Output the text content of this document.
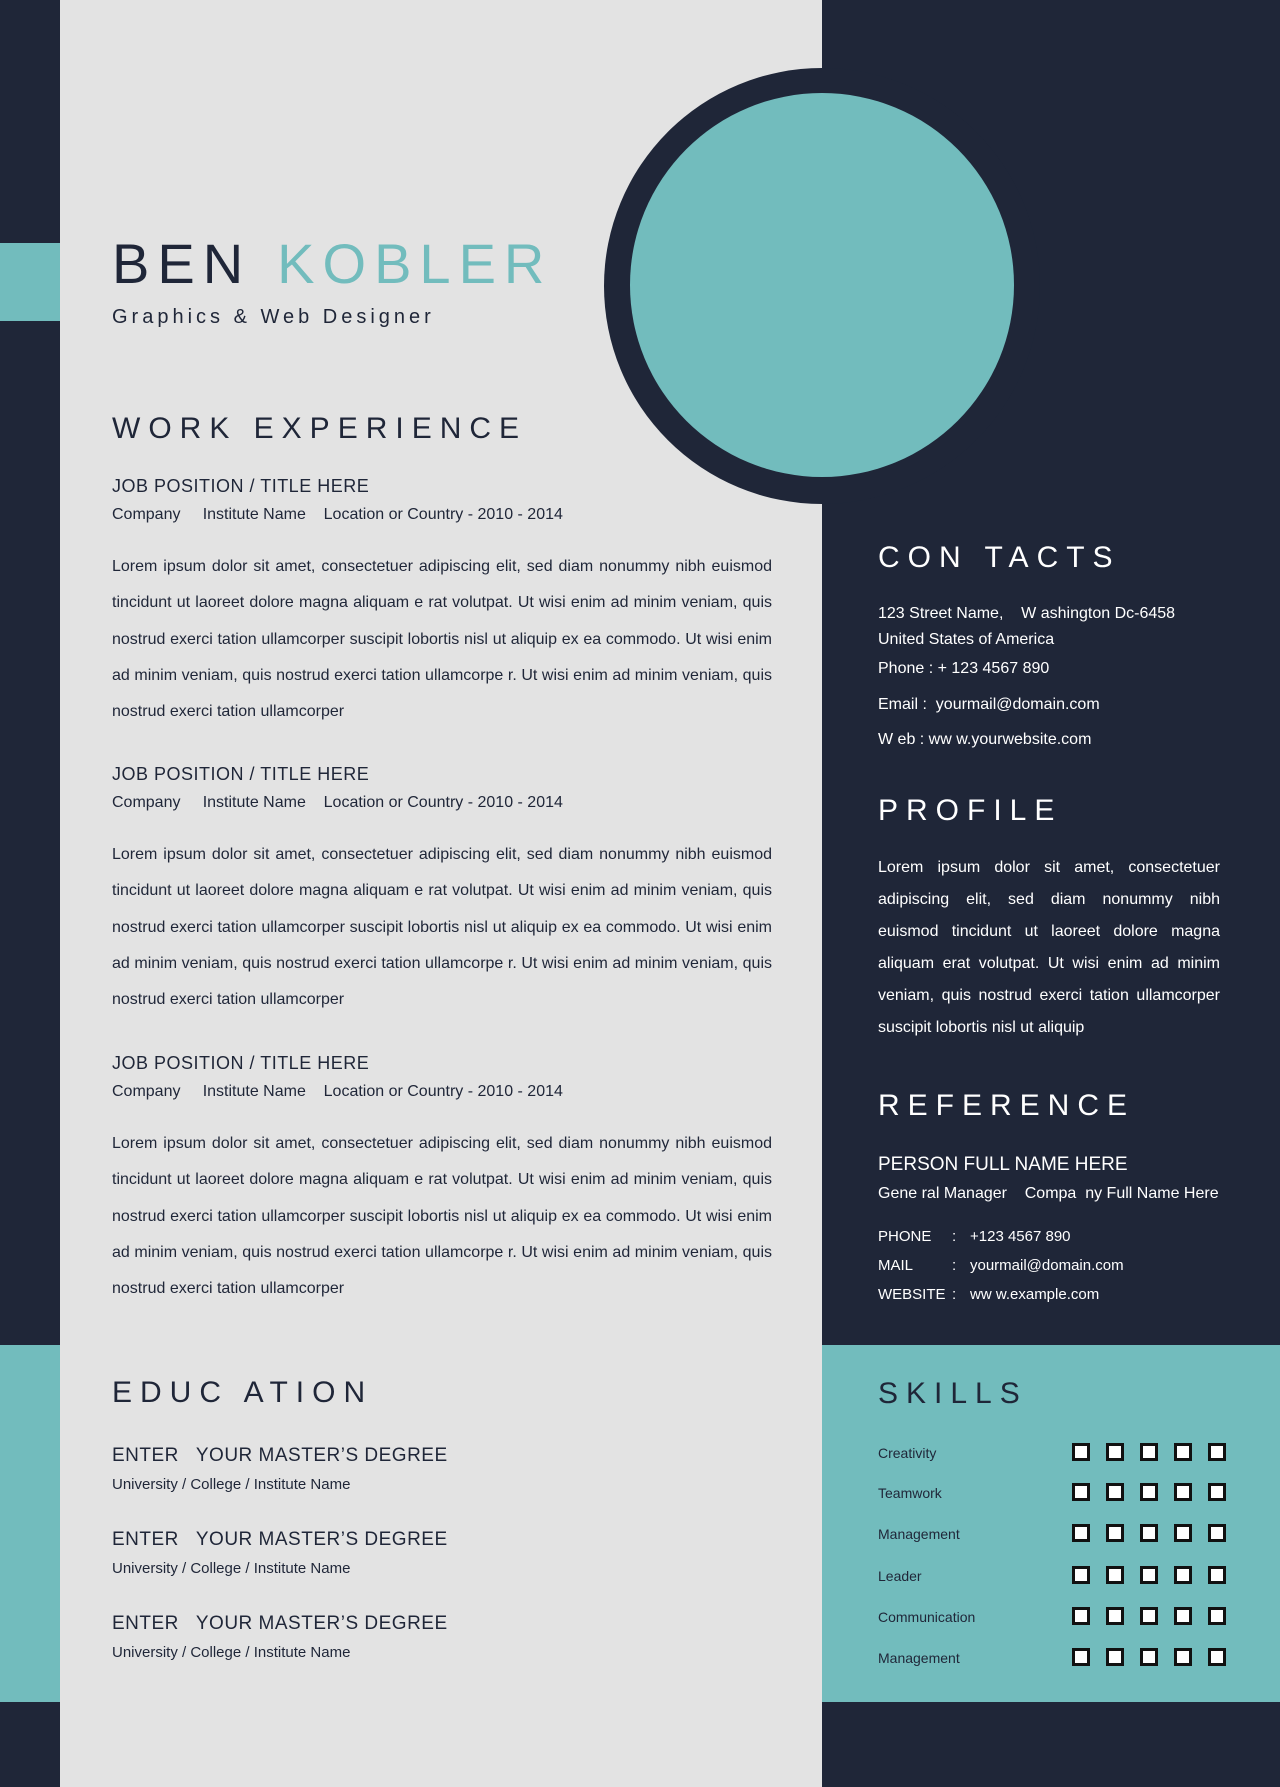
BEN KOBLER
Graphics & Web Designer
WORK EXPERIENCE
JOB POSITION / TITLE HERE
Company     Institute Name    Location or Country - 2010 - 2014
Lorem ipsum dolor sit amet, consectetuer adipiscing elit, sed diam nonummy nibh euismod tincidunt ut laoreet dolore magna aliquam e rat volutpat. Ut wisi enim ad minim veniam, quis nostrud exerci tation ullamcorper suscipit lobortis nisl ut aliquip ex ea commodo. Ut wisi enim ad minim veniam, quis nostrud exerci tation ullamcorpe r. Ut wisi enim ad minim veniam, quis nostrud exerci tation ullamcorper
JOB POSITION / TITLE HERE
Company     Institute Name    Location or Country - 2010 - 2014
Lorem ipsum dolor sit amet, consectetuer adipiscing elit, sed diam nonummy nibh euismod tincidunt ut laoreet dolore magna aliquam e rat volutpat. Ut wisi enim ad minim veniam, quis nostrud exerci tation ullamcorper suscipit lobortis nisl ut aliquip ex ea commodo. Ut wisi enim ad minim veniam, quis nostrud exerci tation ullamcorpe r. Ut wisi enim ad minim veniam, quis nostrud exerci tation ullamcorper
JOB POSITION / TITLE HERE
Company     Institute Name    Location or Country - 2010 - 2014
Lorem ipsum dolor sit amet, consectetuer adipiscing elit, sed diam nonummy nibh euismod tincidunt ut laoreet dolore magna aliquam e rat volutpat. Ut wisi enim ad minim veniam, quis nostrud exerci tation ullamcorper suscipit lobortis nisl ut aliquip ex ea commodo. Ut wisi enim ad minim veniam, quis nostrud exerci tation ullamcorpe r. Ut wisi enim ad minim veniam, quis nostrud exerci tation ullamcorper
EDUC ATION
ENTER   YOUR MASTER’S DEGREE
University / College / Institute Name
ENTER   YOUR MASTER’S DEGREE
University / College / Institute Name
ENTER   YOUR MASTER’S DEGREE
University / College / Institute Name
CON TACTS
123 Street Name,    W ashington Dc-6458
United States of America
Phone : + 123 4567 890
Email :  yourmail@domain.com
W eb : ww w.yourwebsite.com
PROFILE
Lorem ipsum dolor sit amet, consectetuer adipiscing elit, sed diam nonummy nibh euismod tincidunt ut laoreet dolore magna aliquam erat volutpat. Ut wisi enim ad minim veniam, quis nostrud exerci tation ullamcorper suscipit lobortis nisl ut aliquip
REFERENCE
PERSON FULL NAME HERE
Gene ral Manager    Compa  ny Full Name Here
PHONE : +123 4567 890
MAIL	: yourmail@domain.com
WEBSITE : ww w.example.com
SKILLS
Creativity
Teamwork
Management
Leader
Communication
Management
